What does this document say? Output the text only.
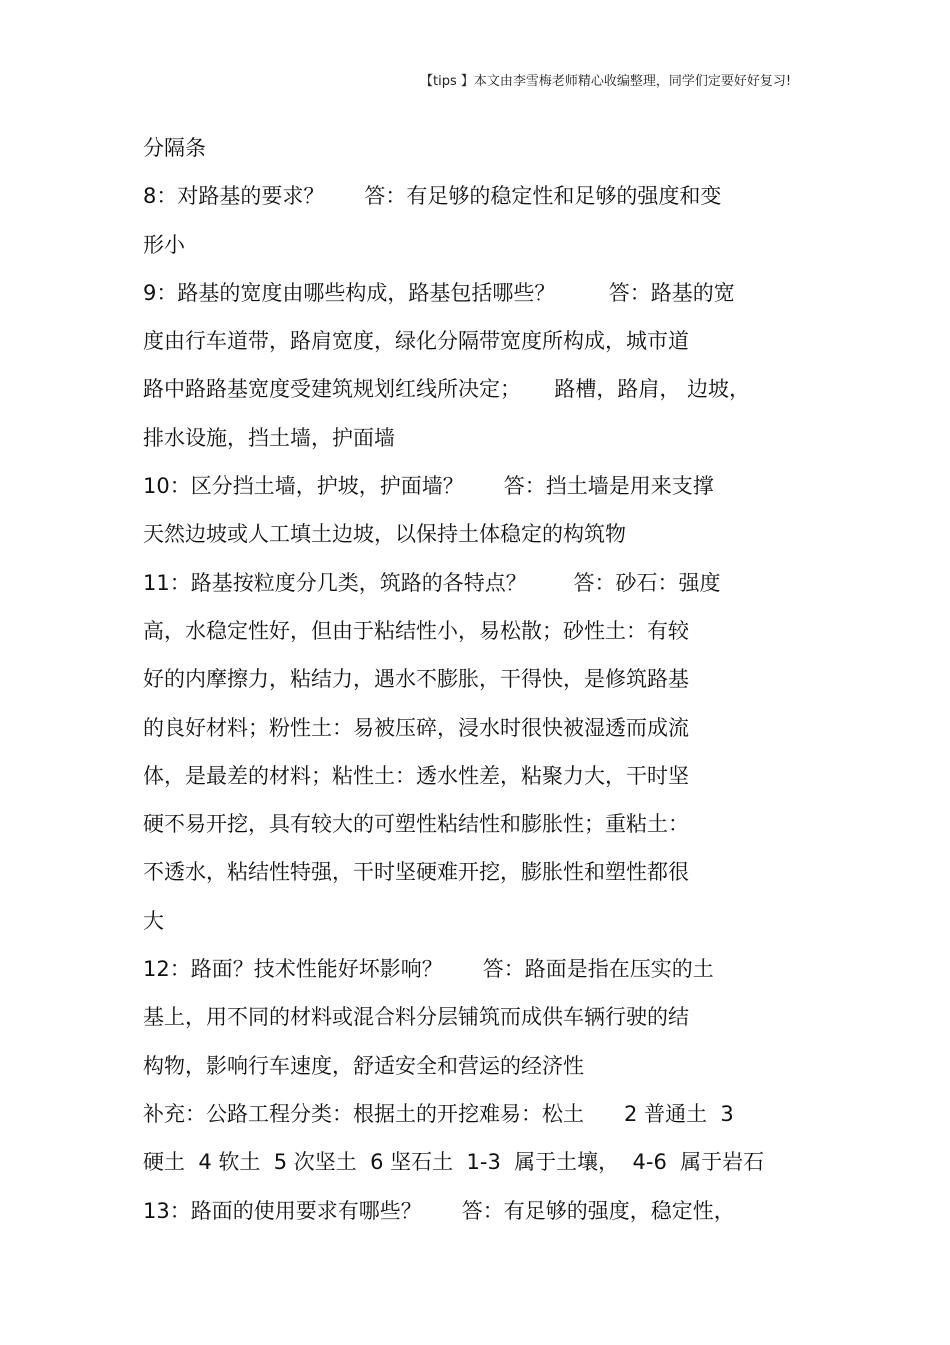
【tips 】本文由李雪梅老师精心收编整理，同学们定要好好复习!
分隔条
8：对路基的要求？      答：有足够的稳定性和足够的强度和变
形小
9：路基的宽度由哪些构成，路基包括哪些？        答：路基的宽
度由行车道带，路肩宽度，绿化分隔带宽度所构成，城市道
路中路路基宽度受建筑规划红线所决定；     路槽，路肩， 边坡，
排水设施，挡土墙，护面墙
10：区分挡土墙，护坡，护面墙？      答：挡土墙是用来支撑
天然边坡或人工填土边坡，以保持土体稳定的构筑物
11：路基按粒度分几类，筑路的各特点？       答：砂石：强度
高，水稳定性好，但由于粘结性小，易松散；砂性土：有较
好的内摩擦力，粘结力，遇水不膨胀，干得快，是修筑路基
的良好材料；粉性土：易被压碎，浸水时很快被湿透而成流
体，是最差的材料；粘性土：透水性差，粘聚力大，干时坚
硬不易开挖，具有较大的可塑性粘结性和膨胀性；重粘土：
不透水，粘结性特强，干时坚硬难开挖，膨胀性和塑性都很
大
12：路面？技术性能好坏影响？      答：路面是指在压实的土
基上，用不同的材料或混合料分层铺筑而成供车辆行驶的结
构物，影响行车速度，舒适安全和营运的经济性
补充：公路工程分类：根据土的开挖难易：松土      2 普通土  3
硬土  4 软土  5 次坚土  6 坚石土  1-3  属于土壤，  4-6  属于岩石
13：路面的使用要求有哪些？      答：有足够的强度，稳定性，
